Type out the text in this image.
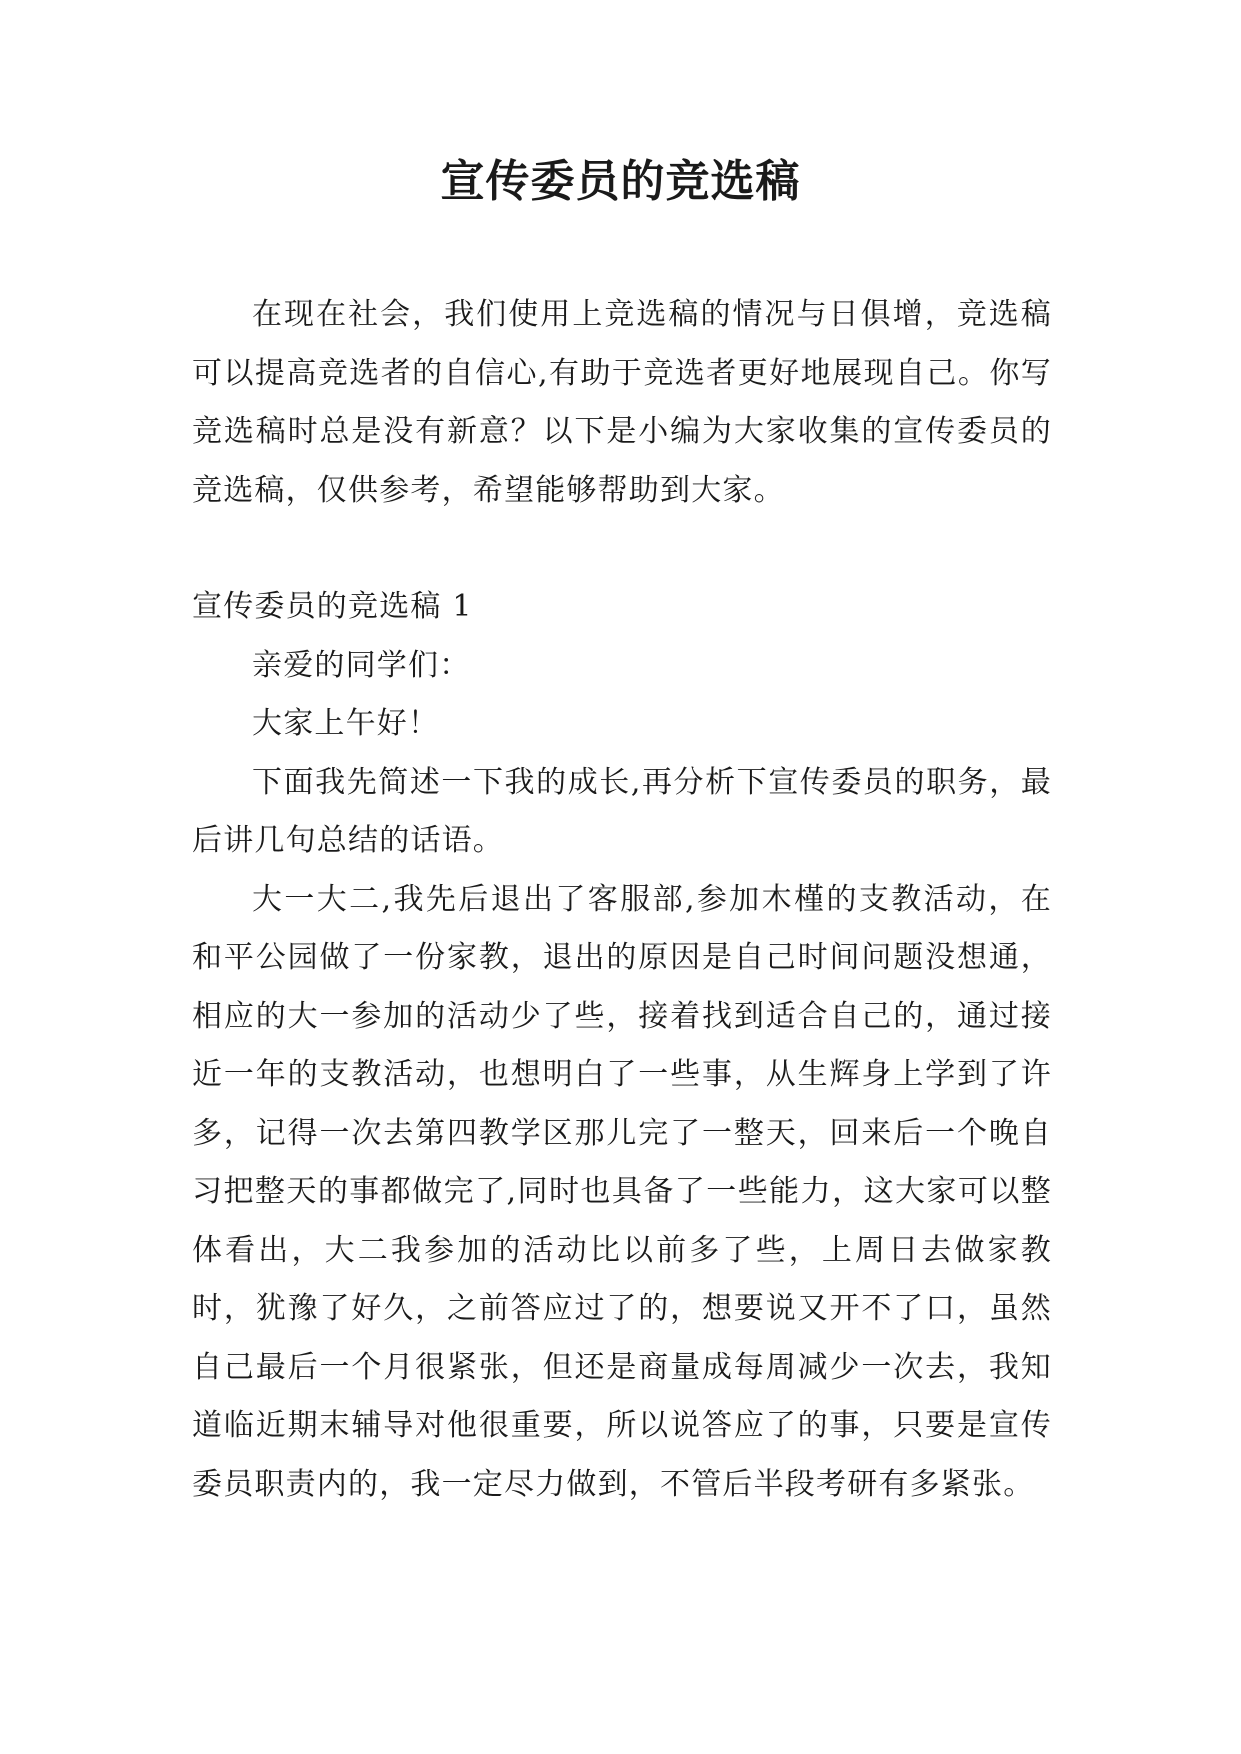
宣传委员的竞选稿

在现在社会，我们使用上竞选稿的情况与日俱增，竞选稿可以提高竞选者的自信心,有助于竞选者更好地展现自己。你写竞选稿时总是没有新意？以下是小编为大家收集的宣传委员的竞选稿，仅供参考，希望能够帮助到大家。

宣传委员的竞选稿 1

亲爱的同学们：

大家上午好！

下面我先简述一下我的成长,再分析下宣传委员的职务，最后讲几句总结的话语。

大一大二,我先后退出了客服部,参加木槿的支教活动，在和平公园做了一份家教，退出的原因是自己时间问题没想通，相应的大一参加的活动少了些，接着找到适合自己的，通过接近一年的支教活动，也想明白了一些事，从生辉身上学到了许多，记得一次去第四教学区那儿完了一整天，回来后一个晚自习把整天的事都做完了,同时也具备了一些能力，这大家可以整体看出，大二我参加的活动比以前多了些，上周日去做家教时，犹豫了好久，之前答应过了的，想要说又开不了口，虽然自己最后一个月很紧张，但还是商量成每周减少一次去，我知道临近期末辅导对他很重要，所以说答应了的事，只要是宣传委员职责内的，我一定尽力做到，不管后半段考研有多紧张。
